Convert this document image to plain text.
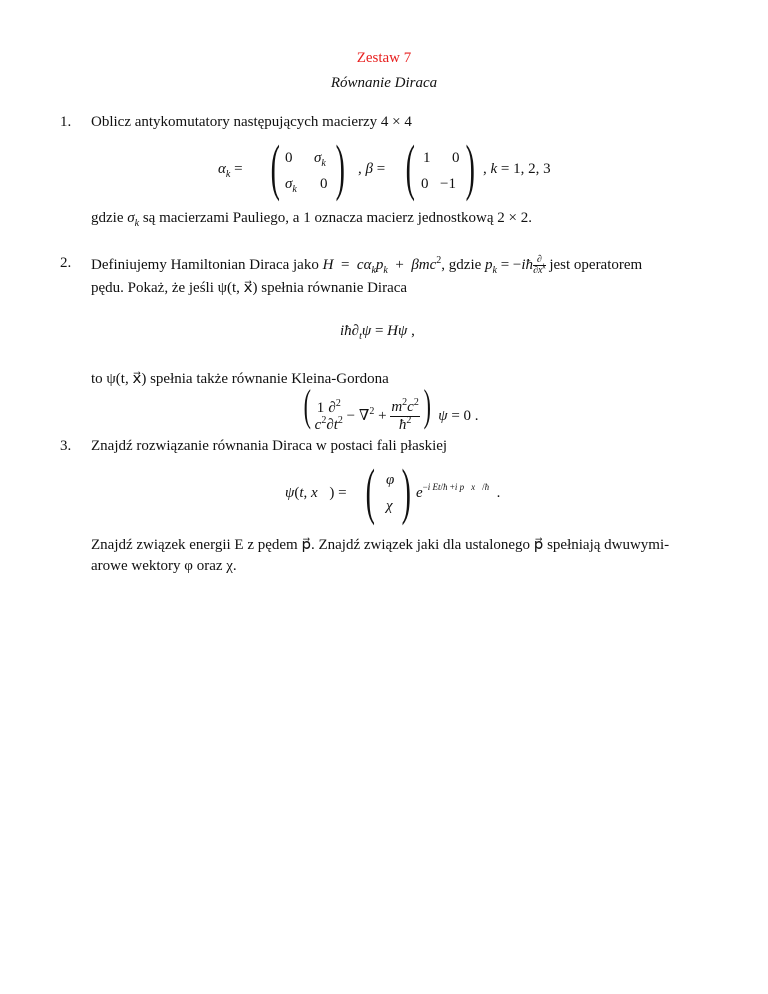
Zestaw 7
Równanie Diraca
1. Oblicz antykomutatory następujących macierzy 4 × 4
$\alpha_k$ = ( 0 $\sigma_k$
$\sigma_k$ 0 ) , β = ( 1 0
0 −1 ) , k = 1, 2, 3
gdzie $\sigma_k$ są macierzami Pauliego, a 1 oznacza macierz jednostkową 2 × 2.
2. Definiujemy Hamiltonian Diraca jako $H = c\alpha_kp_k + \beta mc^2$, gdzie $p_k$ = −iħ ∂
$\partial x^k$ jest operatorem
pędu. Pokaż, że jeśli ψ(t, x⃗) spełnia równanie Diraca
$iħ\partial_t\psi = H\psi$ ,
to ψ(t, x⃗) spełnia także równanie Kleina-Gordona
( 1
$c^2$
∂$^2$
$\partial t^2 - \nabla^2 + \frac{m^2c^2}{ħ^2}$ ) ψ = 0 .
3. Znajdź rozwiązanie równania Diraca w postaci fali płaskiej
ψ(t, x⃗) = ( φ
χ ) $e^{-i Et/ħ +i p⃗x⃗/ħ}$  .
Znajdź związek energii E z pędem p⃗. Znajdź związek jaki dla ustalonego p⃗ spełniają dwuwymi-
arowe wektory φ oraz χ.
